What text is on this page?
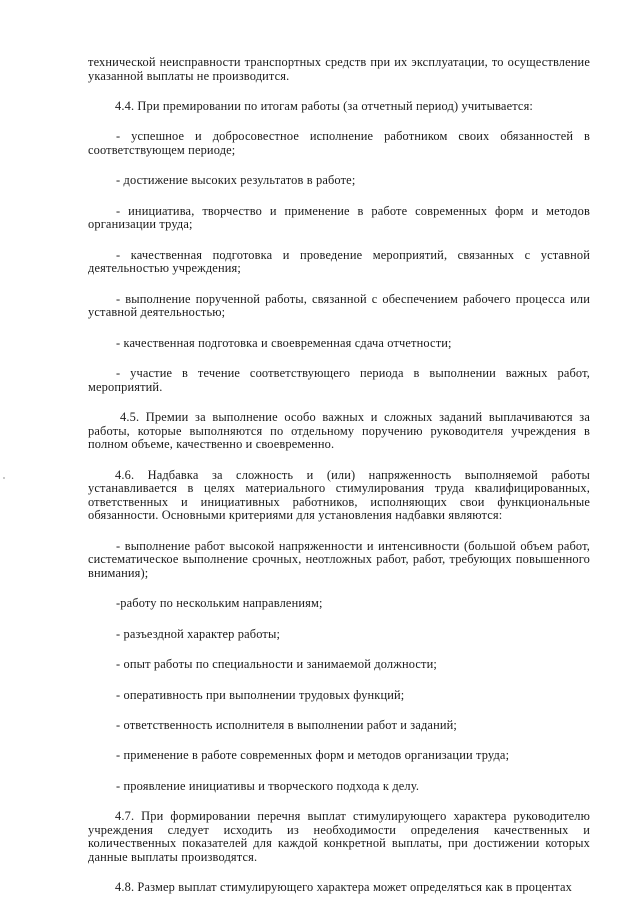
технической неисправности транспортных средств при их эксплуатации, то осуществление указанной выплаты не производится.

4.4. При премировании по итогам работы (за отчетный период) учитывается:

- успешное и добросовестное исполнение работником своих обязанностей в соответствующем периоде;

- достижение высоких результатов в работе;

- инициатива, творчество и применение в работе современных форм и методов организации труда;

- качественная подготовка и проведение мероприятий, связанных с уставной деятельностью учреждения;

- выполнение порученной работы, связанной с обеспечением рабочего процесса или уставной деятельностью;

- качественная подготовка и своевременная сдача отчетности;

- участие в течение соответствующего периода в выполнении важных работ, мероприятий.

4.5. Премии за выполнение особо важных и сложных заданий выплачиваются за работы, которые выполняются по отдельному поручению руководителя учреждения в полном объеме, качественно и своевременно.

4.6. Надбавка за сложность и (или) напряженность выполняемой работы устанавливается в целях материального стимулирования труда квалифицированных, ответственных и инициативных работников, исполняющих свои функциональные обязанности. Основными критериями для установления надбавки являются:

- выполнение работ высокой напряженности и интенсивности (большой объем работ, систематическое выполнение срочных, неотложных работ, работ, требующих повышенного внимания);

-работу по нескольким направлениям;

- разъездной характер работы;

- опыт работы по специальности и занимаемой должности;

- оперативность при выполнении трудовых функций;

- ответственность исполнителя в выполнении работ и заданий;

- применение в работе современных форм и методов организации труда;

- проявление инициативы и творческого подхода к делу.

4.7. При формировании перечня выплат стимулирующего характера руководителю учреждения следует исходить из необходимости определения качественных и количественных показателей для каждой конкретной выплаты, при достижении которых данные выплаты производятся.

4.8. Размер выплат стимулирующего характера может определяться как в процентах
